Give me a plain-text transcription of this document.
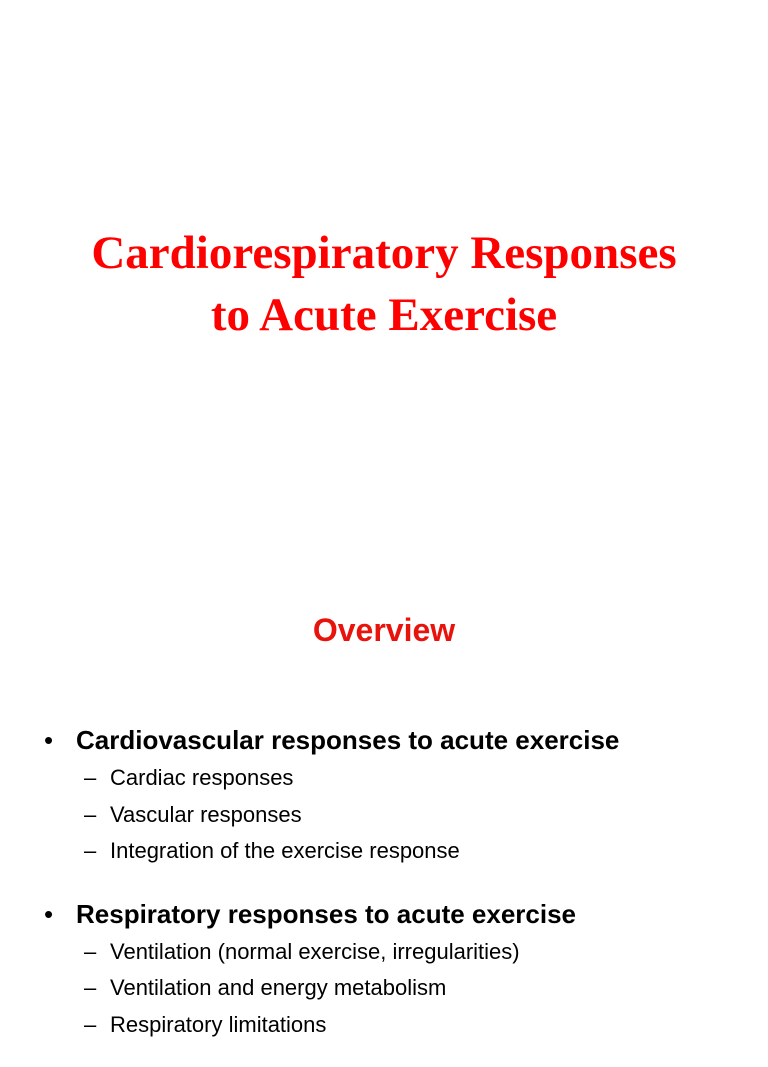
Cardiorespiratory Responses
to Acute Exercise
Overview
• Cardiovascular responses to acute exercise
– Cardiac responses
– Vascular responses
– Integration of the exercise response
• Respiratory responses to acute exercise
– Ventilation (normal exercise, irregularities)
– Ventilation and energy metabolism
– Respiratory limitations
